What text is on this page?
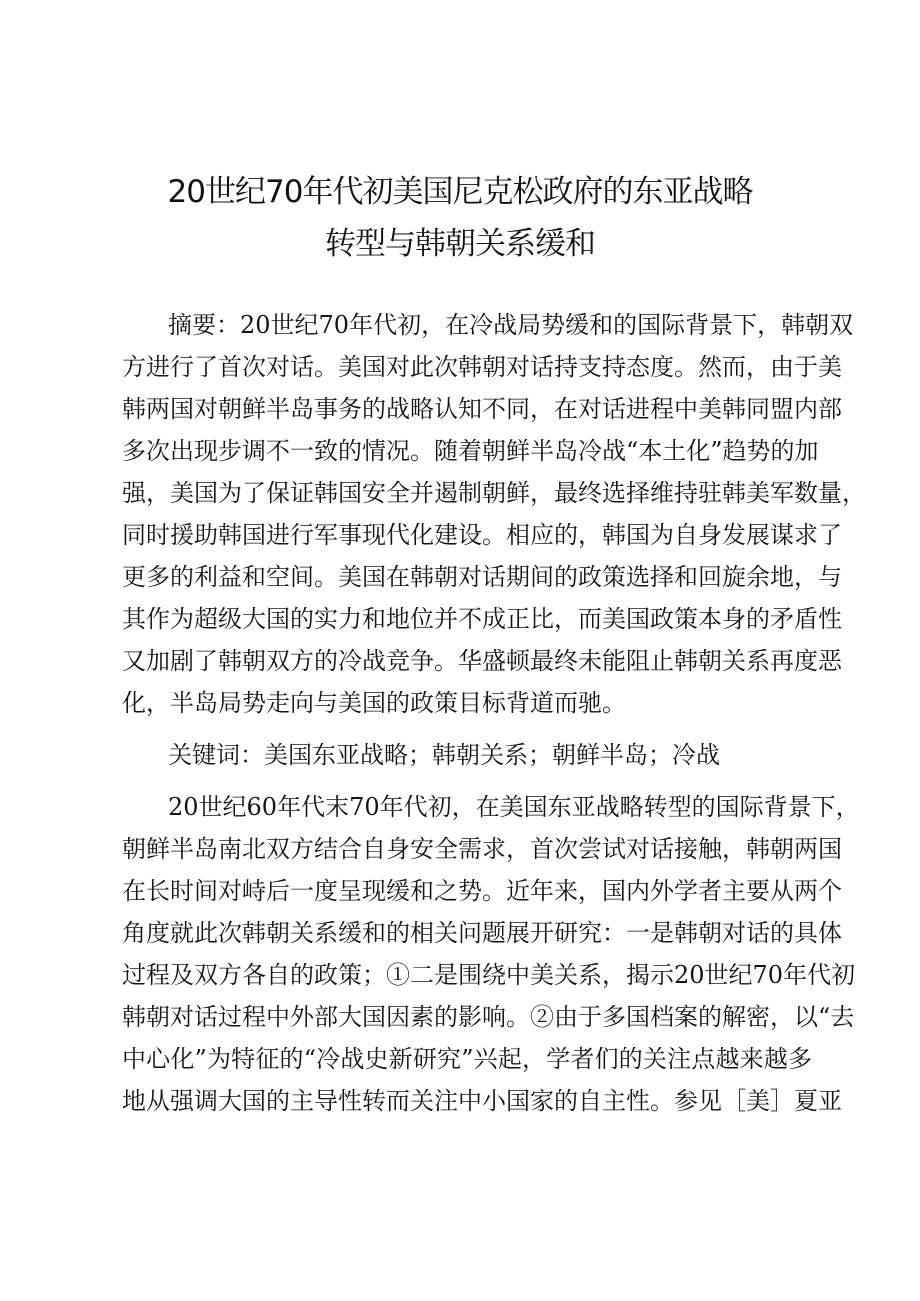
20世纪70年代初美国尼克松政府的东亚战略
转型与韩朝关系缓和
摘要：20世纪70年代初，在冷战局势缓和的国际背景下，韩朝双
方进行了首次对话。美国对此次韩朝对话持支持态度。然而，由于美
韩两国对朝鲜半岛事务的战略认知不同，在对话进程中美韩同盟内部
多次出现步调不一致的情况。随着朝鲜半岛冷战“本土化”趋势的加
强，美国为了保证韩国安全并遏制朝鲜，最终选择维持驻韩美军数量，
同时援助韩国进行军事现代化建设。相应的，韩国为自身发展谋求了
更多的利益和空间。美国在韩朝对话期间的政策选择和回旋余地，与
其作为超级大国的实力和地位并不成正比，而美国政策本身的矛盾性
又加剧了韩朝双方的冷战竞争。华盛顿最终未能阻止韩朝关系再度恶
化，半岛局势走向与美国的政策目标背道而驰。
关键词：美国东亚战略；韩朝关系；朝鲜半岛；冷战
20世纪60年代末70年代初，在美国东亚战略转型的国际背景下，
朝鲜半岛南北双方结合自身安全需求，首次尝试对话接触，韩朝两国
在长时间对峙后一度呈现缓和之势。近年来，国内外学者主要从两个
角度就此次韩朝关系缓和的相关问题展开研究：一是韩朝对话的具体
过程及双方各自的政策；①二是围绕中美关系，揭示20世纪70年代初
韩朝对话过程中外部大国因素的影响。②由于多国档案的解密，以“去
中心化”为特征的“冷战史新研究”兴起，学者们的关注点越来越多
地从强调大国的主导性转而关注中小国家的自主性。参见［美］夏亚
